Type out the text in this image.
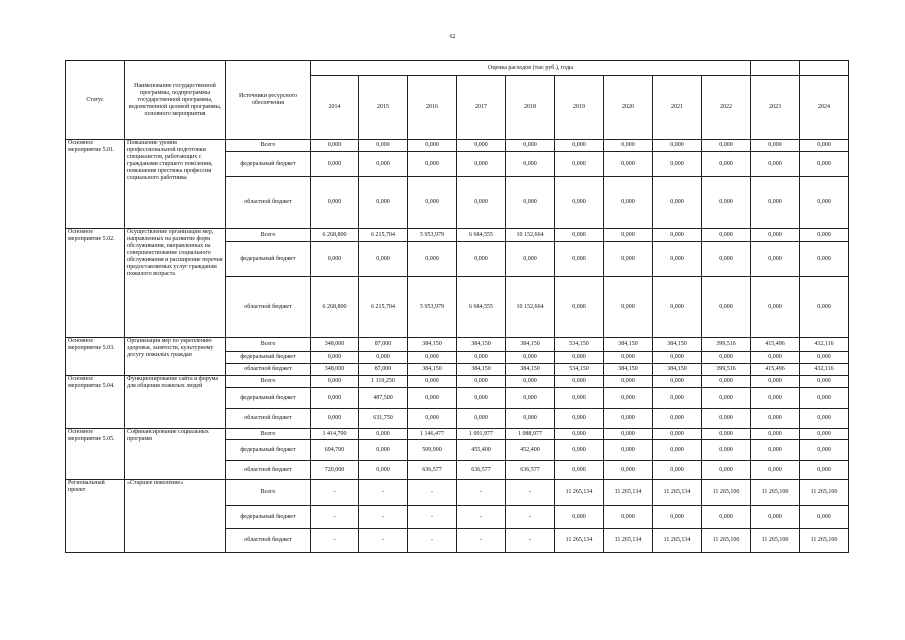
62
Статус	Наименование государственной программы, подпрограммы государственной программы, ведомственной целевой программы, основного мероприятия	Источники ресурсного обеспечения	Оценка расходов (тыс руб.), годы										
			2014	2015	2016	2017	2018	2019	2020	2021	2022	2023	2024
Основное мероприятие 5.01.	Повышение уровня профессиональной подготовки специалистов, работающих с гражданами старшего поколения, повышение престижа профессии социального работника	Всего	0,000	0,000	0,000	0,000	0,000	0,000	0,000	0,000	0,000	0,000	0,000
		федеральный бюджет	0,000	0,000	0,000	0,000	0,000	0,000	0,000	0,000	0,000	0,000	0,000
		областной бюджет	0,000	0,000	0,000	0,000	0,000	0,000	0,000	0,000	0,000	0,000	0,000
Основное мероприятие 5.02.	Осуществление организации мер, направленных на развитие форм обслуживания, направленных на совершенствование социального обслуживания и расширение перечня предоставляемых услуг гражданам пожилого возраста	Всего	6 268,800	6 215,704	5 953,979	6 684,555	10 152,664	0,000	0,000	0,000	0,000	0,000	0,000
		федеральный бюджет	0,000	0,000	0,000	0,000	0,000	0,000	0,000	0,000	0,000	0,000	0,000
		областной бюджет	6 268,800	6 215,704	5 953,979	6 684,555	10 152,664	0,000	0,000	0,000	0,000	0,000	0,000
Основное мероприятие 5.03.	Организация мер по укреплению здоровья, занятости, культурному досугу пожилых граждан	Всего	348,000	87,000	384,150	384,150	384,150	534,150	384,150	384,150	399,516	415,496	432,116
		федеральный бюджет	0,000	0,000	0,000	0,000	0,000	0,000	0,000	0,000	0,000	0,000	0,000
		областной бюджет	348,000	87,000	384,150	384,150	384,150	534,150	384,150	384,150	399,516	415,496	432,116
Основное мероприятие 5.04.	Функционирование сайта и форума для общения пожилых людей	Всего	0,000	1 119,250	0,000	0,000	0,000	0,000	0,000	0,000	0,000	0,000	0,000
		федеральный бюджет	0,000	487,500	0,000	0,000	0,000	0,000	0,000	0,000	0,000	0,000	0,000
		областной бюджет	0,000	631,750	0,000	0,000	0,000	0,000	0,000	0,000	0,000	0,000	0,000
Основное мероприятие 5.05.	Софинансирование социальных программ	Всего	1 414,700	0,000	1 146,477	1 091,977	1 088,977	0,000	0,000	0,000	0,000	0,000	0,000
		федеральный бюджет	694,700	0,000	509,900	455,400	452,400	0,000	0,000	0,000	0,000	0,000	0,000
		областной бюджет	720,000	0,000	636,577	636,577	636,577	0,000	0,000	0,000	0,000	0,000	0,000
Региональный проект	«Старшее поколение»	Всего	-	-	-	-	-	11 265,134	11 265,134	11 265,134	11 265,100	11 265,100	11 265,100
		федеральный бюджет	-	-	-	-	-	0,000	0,000	0,000	0,000	0,000	0,000
		областной бюджет	-	-	-	-	-	11 265,134	11 265,134	11 265,134	11 265,100	11 265,100	11 265,100
